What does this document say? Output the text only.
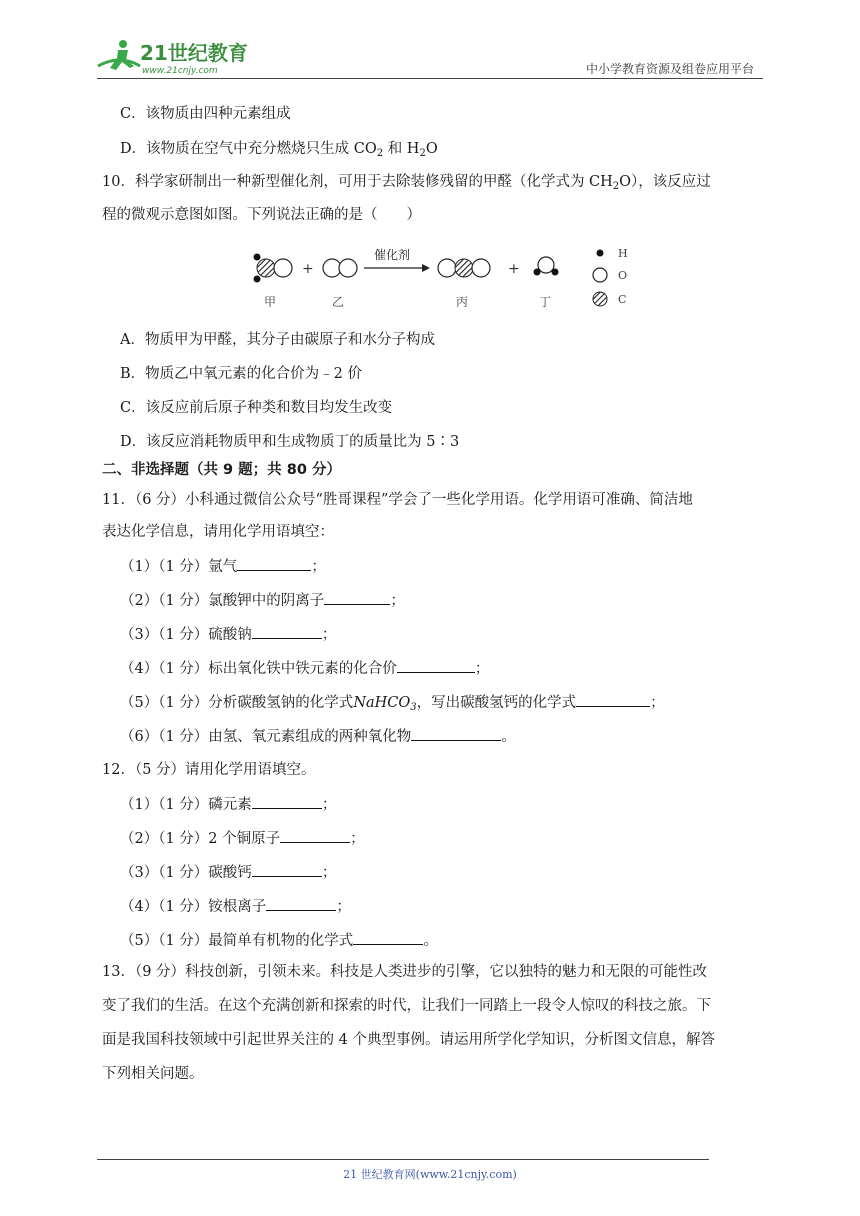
21世纪教育
www.21cnjy.com	中小学教育资源及组卷应用平台
C．该物质由四种元素组成
D．该物质在空气中充分燃烧只生成 $CO_2$ 和 $H_2O$
10．科学家研制出一种新型催化剂，可用于去除装修残留的甲醛（化学式为 $CH_2O$），该反应过
程的微观示意图如图。下列说法正确的是（　　）
+
催化剂
+
甲	乙	丙	丁
H
O
C
A．物质甲为甲醛，其分子由碳原子和水分子构成
B．物质乙中氧元素的化合价为﹣2 价
C．该反应前后原子种类和数目均发生改变
D．该反应消耗物质甲和生成物质丁的质量比为 5∶3
二、非选择题（共 9 题；共 80 分）
11．（6 分）小科通过微信公众号“胜哥课程”学会了一些化学用语。化学用语可准确、简洁地
表达化学信息，请用化学用语填空：
（1）（1 分）氩气	；
（2）（1 分）氯酸钾中的阴离子	；
（3）（1 分）硫酸钠	；
（4）（1 分）标出氧化铁中铁元素的化合价	；
（5）（1 分）分析碳酸氢钠的化学式NaHCO$_3$，写出碳酸氢钙的化学式	；
（6）（1 分）由氢、氧元素组成的两种氧化物	。
12．（5 分）请用化学用语填空。
（1）（1 分）磷元素	；
（2）（1 分）2 个铜原子	；
（3）（1 分）碳酸钙	；
（4）（1 分）铵根离子	；
（5）（1 分）最简单有机物的化学式	。
13．（9 分）科技创新，引领未来。科技是人类进步的引擎，它以独特的魅力和无限的可能性改
变了我们的生活。在这个充满创新和探索的时代，让我们一同踏上一段令人惊叹的科技之旅。下
面是我国科技领域中引起世界关注的 4 个典型事例。请运用所学化学知识，分析图文信息，解答
下列相关问题。
21 世纪教育网(www.21cnjy.com)
